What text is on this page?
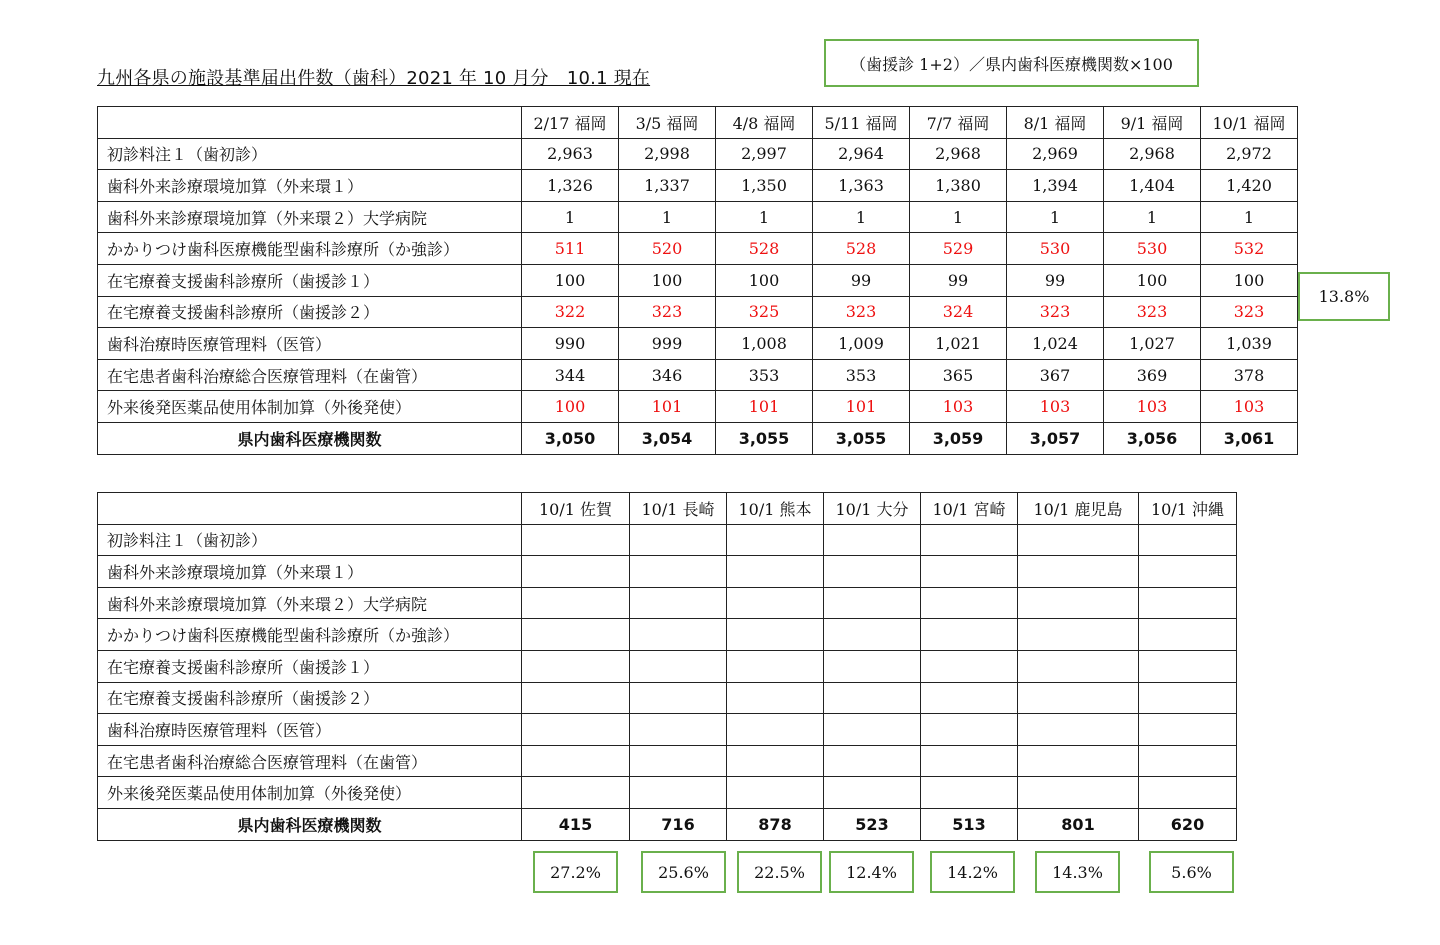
九州各県の施設基準届出件数（歯科）2021 年 10 月分　10.1 現在
（歯援診 1+2）／県内歯科医療機関数×100
	2/17 福岡	3/5 福岡	4/8 福岡	5/11 福岡	7/7 福岡	8/1 福岡	9/1 福岡	10/1 福岡
初診料注１（歯初診）	2,963	2,998	2,997	2,964	2,968	2,969	2,968	2,972
歯科外来診療環境加算（外来環１）	1,326	1,337	1,350	1,363	1,380	1,394	1,404	1,420
歯科外来診療環境加算（外来環２）大学病院	1	1	1	1	1	1	1	1
かかりつけ歯科医療機能型歯科診療所（か強診）	511	520	528	528	529	530	530	532
在宅療養支援歯科診療所（歯援診１）	100	100	100	99	99	99	100	100
在宅療養支援歯科診療所（歯援診２）	322	323	325	323	324	323	323	323
歯科治療時医療管理料（医管）	990	999	1,008	1,009	1,021	1,024	1,027	1,039
在宅患者歯科治療総合医療管理料（在歯管）	344	346	353	353	365	367	369	378
外来後発医薬品使用体制加算（外後発使）	100	101	101	101	103	103	103	103
県内歯科医療機関数	3,050	3,054	3,055	3,055	3,059	3,057	3,056	3,061
13.8%
	10/1 佐賀	10/1 長崎	10/1 熊本	10/1 大分	10/1 宮崎	10/1 鹿児島	10/1 沖縄
初診料注１（歯初診）							
歯科外来診療環境加算（外来環１）							
歯科外来診療環境加算（外来環２）大学病院							
かかりつけ歯科医療機能型歯科診療所（か強診）							
在宅療養支援歯科診療所（歯援診１）							
在宅療養支援歯科診療所（歯援診２）							
歯科治療時医療管理料（医管）							
在宅患者歯科治療総合医療管理料（在歯管）							
外来後発医薬品使用体制加算（外後発使）							
県内歯科医療機関数	415	716	878	523	513	801	620
27.2%	25.6%	22.5%	12.4%	14.2%	14.3%	5.6%
